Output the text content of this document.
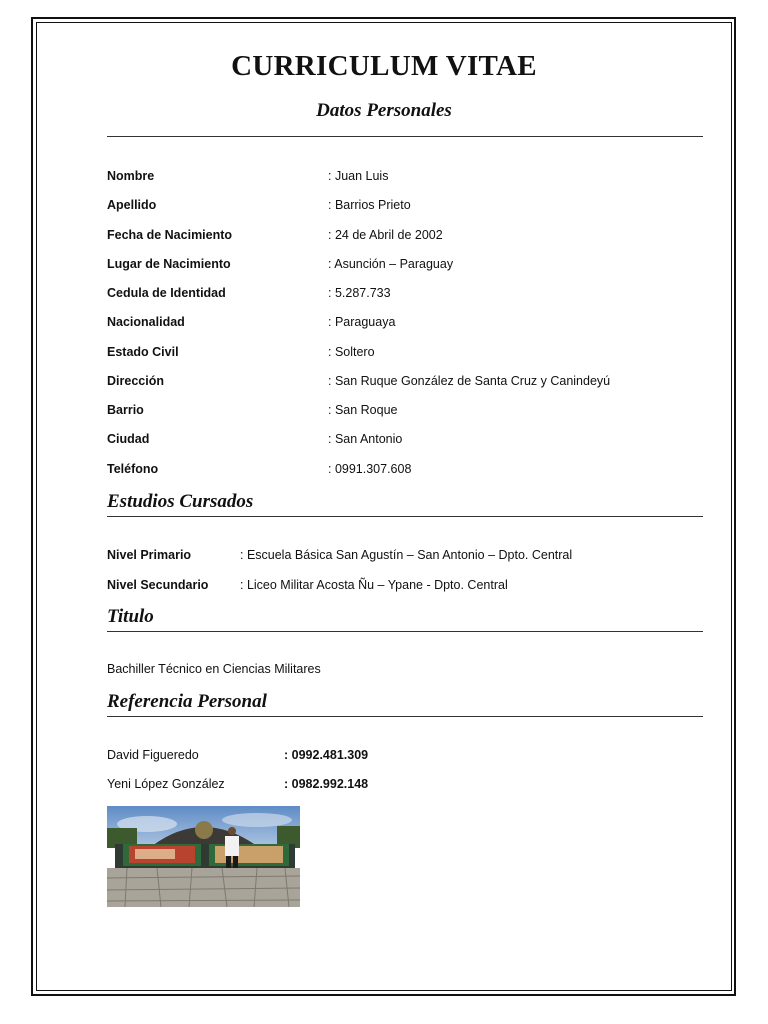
CURRICULUM VITAE
Datos Personales
Nombre	: Juan Luis
Apellido	: Barrios Prieto
Fecha de Nacimiento	: 24 de Abril de 2002
Lugar de Nacimiento	: Asunción – Paraguay
Cedula de Identidad	: 5.287.733
Nacionalidad	: Paraguaya
Estado Civil	: Soltero
Dirección	: San Ruque González de Santa Cruz y Canindeyú
Barrio	: San Roque
Ciudad	: San Antonio
Teléfono	: 0991.307.608
Estudios Cursados
Nivel Primario	: Escuela Básica San Agustín – San Antonio – Dpto. Central
Nivel Secundario	: Liceo Militar Acosta Ñu – Ypane - Dpto. Central
Titulo
Bachiller Técnico en Ciencias Militares
Referencia Personal
David Figueredo	: 0992.481.309
Yeni López González	: 0982.992.148
